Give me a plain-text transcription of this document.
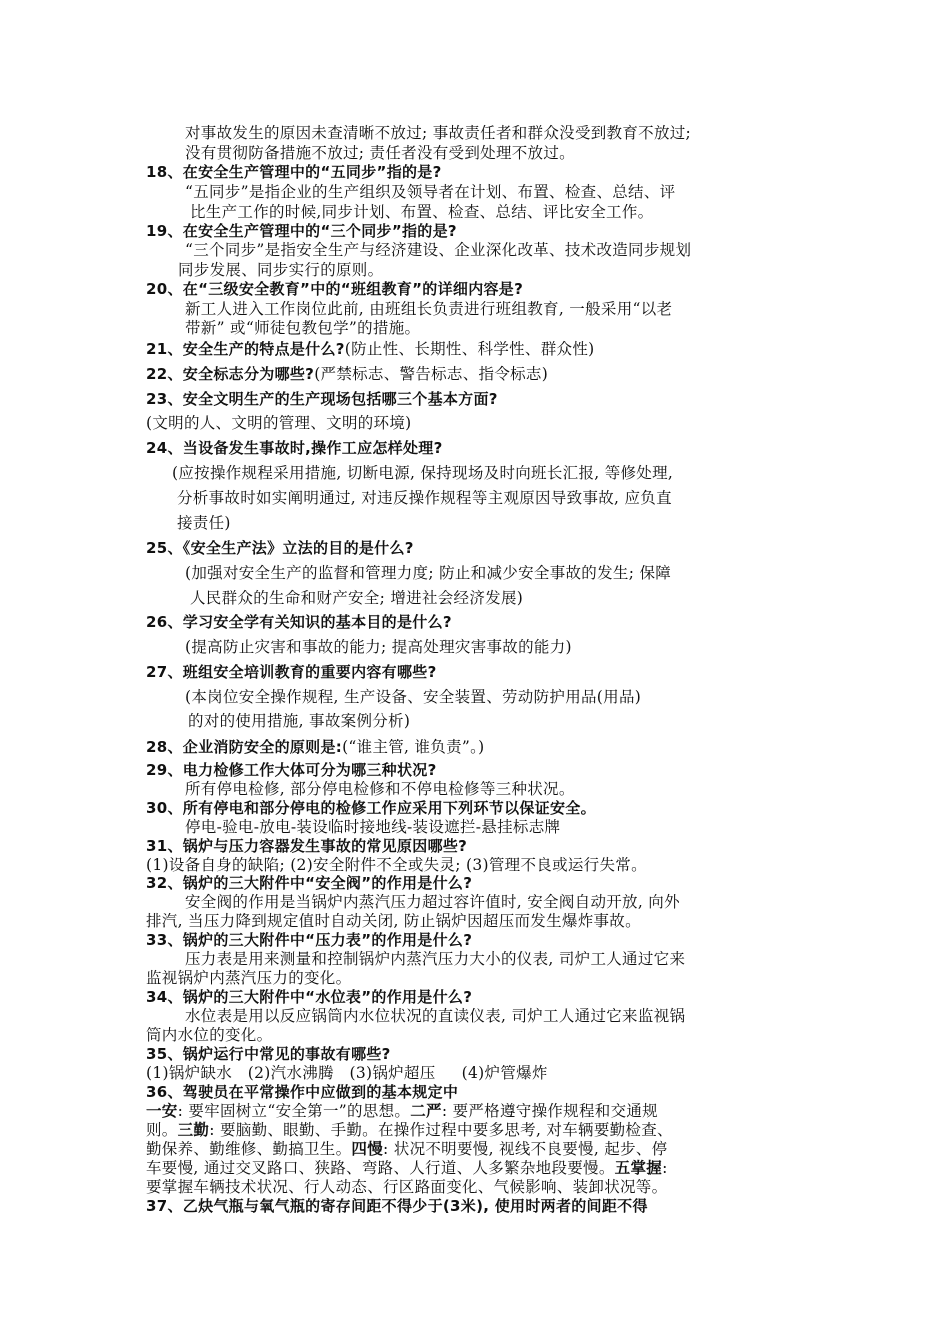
对事故发生的原因未查清晰不放过; 事故责任者和群众没受到教育不放过;
没有贯彻防备措施不放过; 责任者没有受到处理不放过。
18、在安全生产管理中的“五同步”指的是?
“五同步”是指企业的生产组织及领导者在计划、布置、检查、总结、评
比生产工作的时候,同步计划、布置、检查、总结、评比安全工作。
19、在安全生产管理中的“三个同步”指的是?
“三个同步”是指安全生产与经济建设、企业深化改革、技术改造同步规划
同步发展、同步实行的原则。
20、在“三级安全教育”中的“班组教育”的详细内容是?
新工人进入工作岗位此前, 由班组长负责进行班组教育, 一般采用“以老
带新” 或“师徒包教包学”的措施。
21、安全生产的特点是什么?(防止性、长期性、科学性、群众性)
22、安全标志分为哪些?(严禁标志、警告标志、指令标志)
23、安全文明生产的生产现场包括哪三个基本方面?
(文明的人、文明的管理、文明的环境)
24、当设备发生事故时,操作工应怎样处理?
(应按操作规程采用措施, 切断电源, 保持现场及时向班长汇报, 等修处理,
分析事故时如实阐明通过, 对违反操作规程等主观原因导致事故, 应负直
接责任)
25、《安全生产法》立法的目的是什么?
(加强对安全生产的监督和管理力度; 防止和减少安全事故的发生; 保障
人民群众的生命和财产安全; 增进社会经济发展)
26、学习安全学有关知识的基本目的是什么?
(提高防止灾害和事故的能力; 提高处理灾害事故的能力)
27、班组安全培训教育的重要内容有哪些?
(本岗位安全操作规程, 生产设备、安全装置、劳动防护用品(用品)
的对的使用措施, 事故案例分析)
28、企业消防安全的原则是:(“谁主管, 谁负责”。)
29、电力检修工作大体可分为哪三种状况?
所有停电检修, 部分停电检修和不停电检修等三种状况。
30、所有停电和部分停电的检修工作应采用下列环节以保证安全。
停电-验电-放电-装设临时接地线-装设遮拦-悬挂标志牌
31、锅炉与压力容器发生事故的常见原因哪些?
(1)设备自身的缺陷; (2)安全附件不全或失灵; (3)管理不良或运行失常。
32、锅炉的三大附件中“安全阀”的作用是什么?
安全阀的作用是当锅炉内蒸汽压力超过容许值时, 安全阀自动开放, 向外
排汽, 当压力降到规定值时自动关闭, 防止锅炉因超压而发生爆炸事故。
33、锅炉的三大附件中“压力表”的作用是什么?
压力表是用来测量和控制锅炉内蒸汽压力大小的仪表, 司炉工人通过它来
监视锅炉内蒸汽压力的变化。
34、锅炉的三大附件中“水位表”的作用是什么?
水位表是用以反应锅筒内水位状况的直读仪表, 司炉工人通过它来监视锅
筒内水位的变化。
35、锅炉运行中常见的事故有哪些?
(1)锅炉缺水   (2)汽水沸腾   (3)锅炉超压     (4)炉管爆炸
36、驾驶员在平常操作中应做到的基本规定中
一安: 要牢固树立“安全第一”的思想。二严: 要严格遵守操作规程和交通规
则。三勤: 要脑勤、眼勤、手勤。在操作过程中要多思考, 对车辆要勤检查、
勤保养、勤维修、勤搞卫生。四慢: 状况不明要慢, 视线不良要慢, 起步、停
车要慢, 通过交叉路口、狭路、弯路、人行道、人多繁杂地段要慢。五掌握:
要掌握车辆技术状况、行人动态、行区路面变化、气候影响、装卸状况等。
37、乙炔气瓶与氧气瓶的寄存间距不得少于(3米), 使用时两者的间距不得
